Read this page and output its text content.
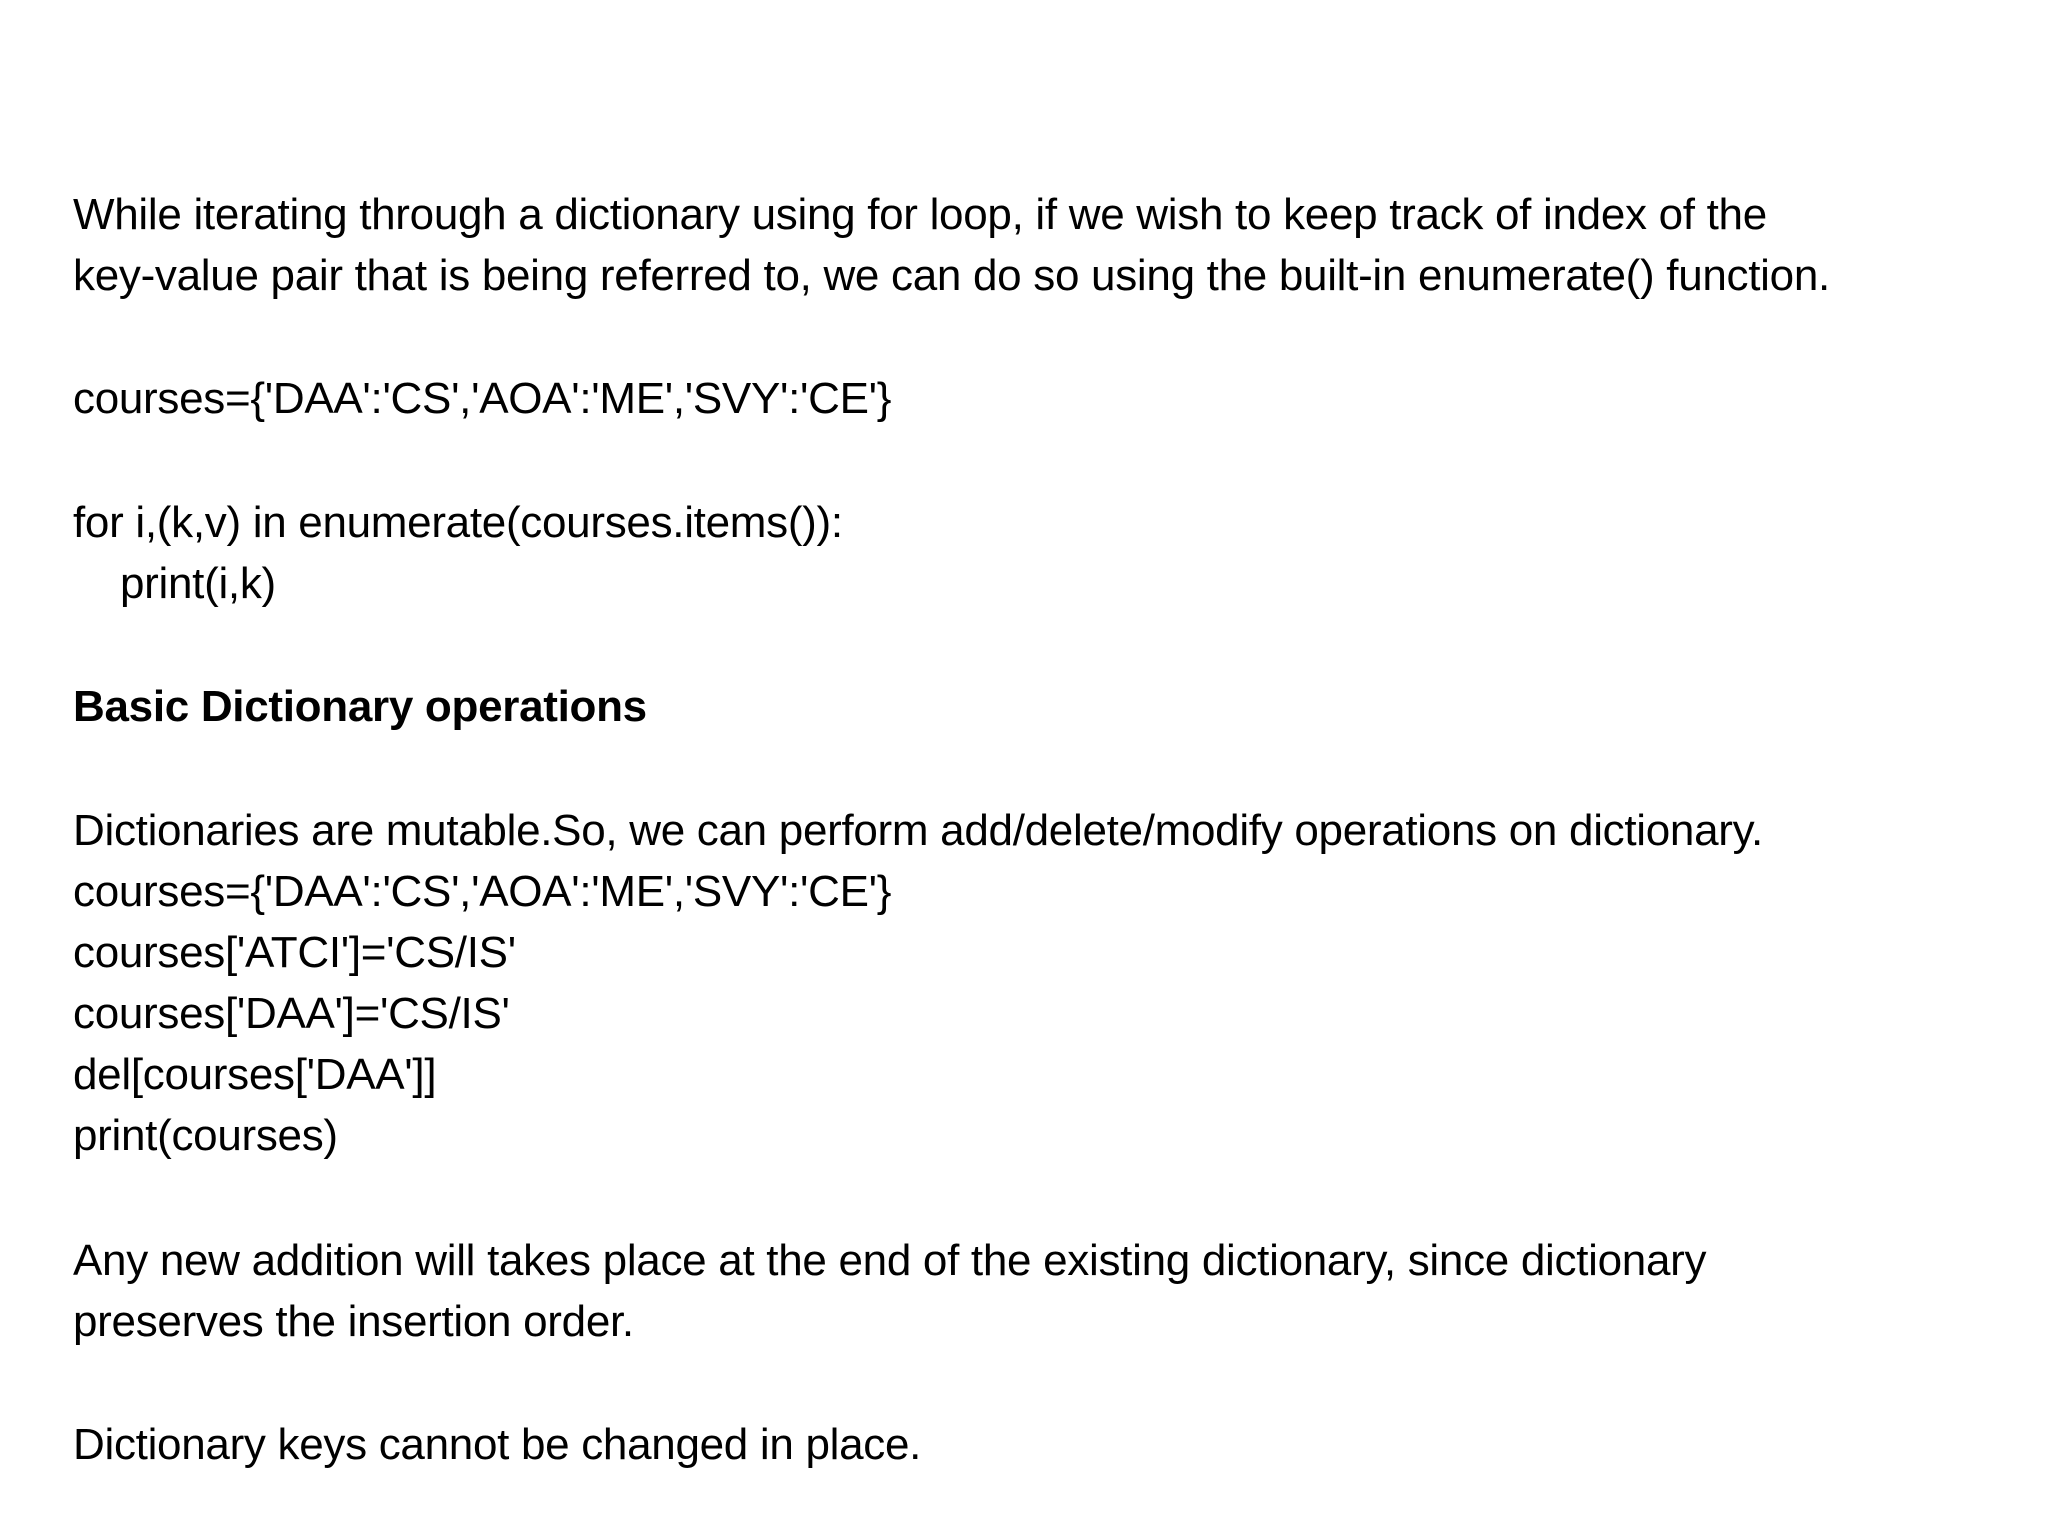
While iterating through a dictionary using for loop, if we wish to keep track of index of the
key-value pair that is being referred to, we can do so using the built-in enumerate() function.
courses={'DAA':'CS','AOA':'ME','SVY':'CE'}
for i,(k,v) in enumerate(courses.items()):
print(i,k)
Basic Dictionary operations
Dictionaries are mutable.So, we can perform add/delete/modify operations on dictionary.
courses={'DAA':'CS','AOA':'ME','SVY':'CE'}
courses['ATCI']='CS/IS'
courses['DAA']='CS/IS'
del[courses['DAA']]
print(courses)
Any new addition will takes place at the end of the existing dictionary, since dictionary
preserves the insertion order.
Dictionary keys cannot be changed in place.
